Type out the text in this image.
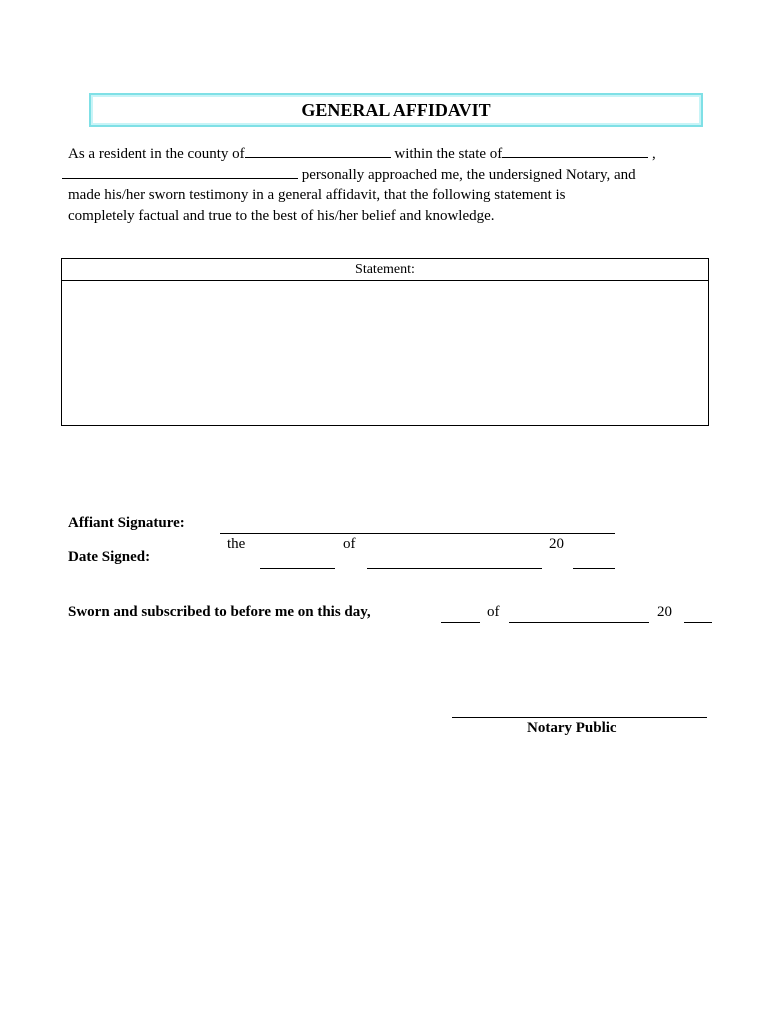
GENERAL AFFIDAVIT
As a resident in the county of	within the state of	,
personally approached me, the undersigned Notary, and
made his/her sworn testimony in a general affidavit, that the following statement is
completely factual and true to the best of his/her belief and knowledge.
Statement:
Affiant Signature:
the	of	20
Date Signed:
Sworn and subscribed to before me on this day,	of	20
Notary Public
